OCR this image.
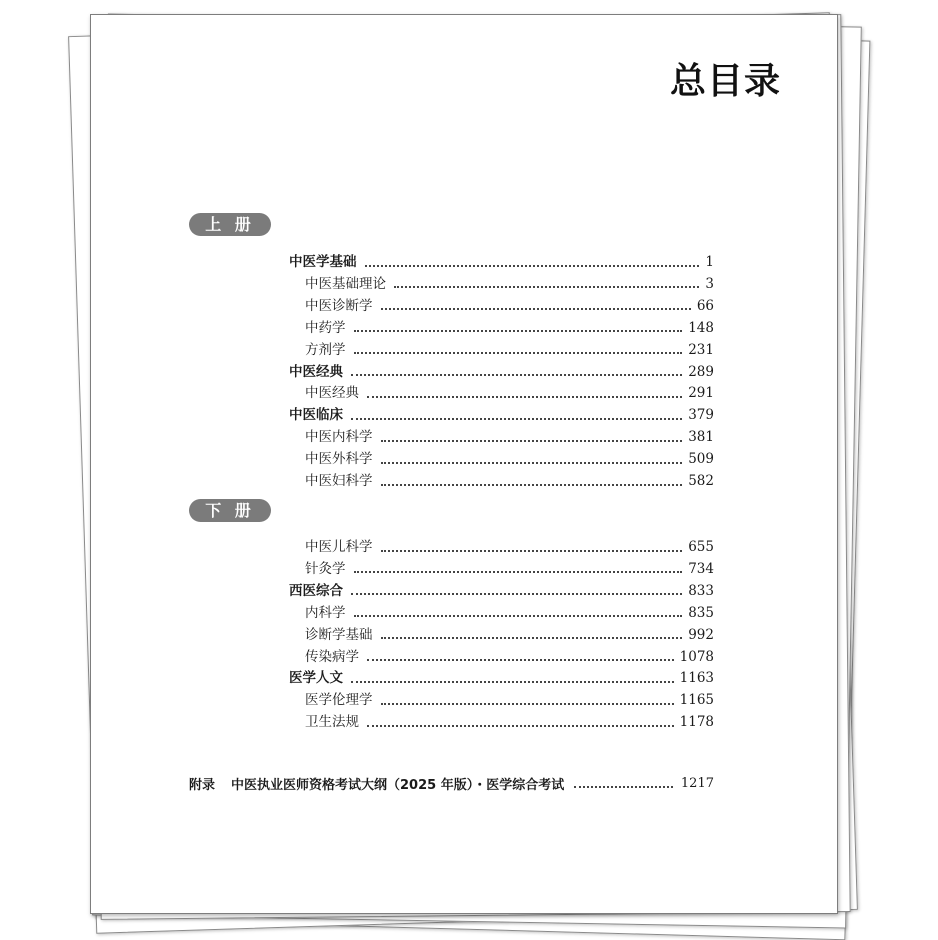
总目录
上 册
下 册
中医学基础	1
中医基础理论	3
中医诊断学	66
中药学	148
方剂学	231
中医经典	289
中医经典	291
中医临床	379
中医内科学	381
中医外科学	509
中医妇科学	582
中医儿科学	655
针灸学	734
西医综合	833
内科学	835
诊断学基础	992
传染病学	1078
医学人文	1163
医学伦理学	1165
卫生法规	1178
附录 中医执业医师资格考试大纲（2025 年版）・医学综合考试	1217
